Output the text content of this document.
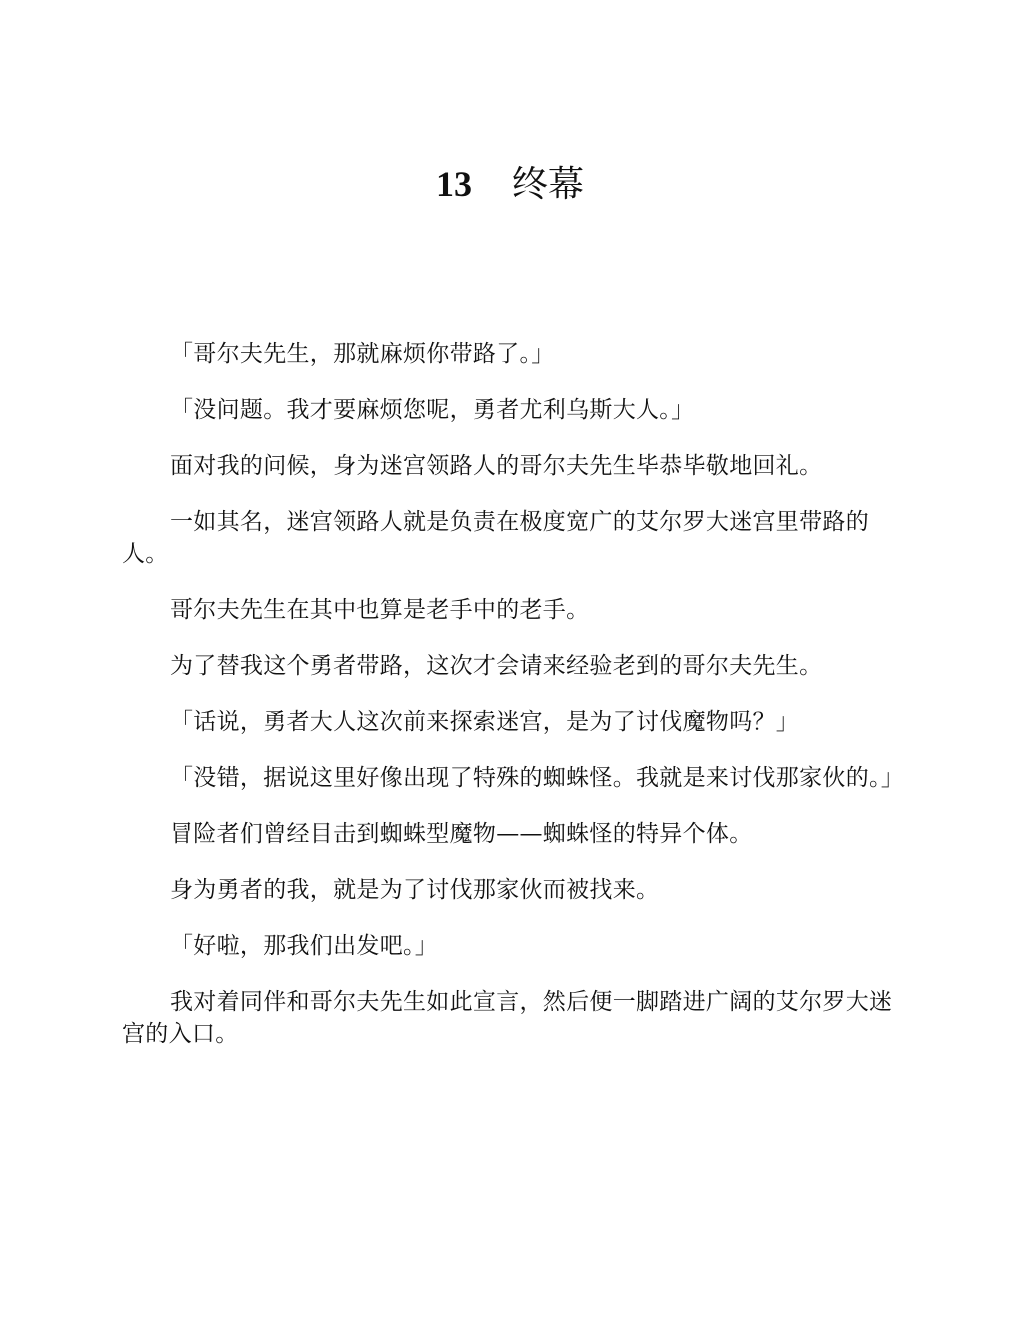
13 终幕

「哥尔夫先生，那就麻烦你带路了。」

「没问题。我才要麻烦您呢，勇者尤利乌斯大人。」

面对我的问候，身为迷宫领路人的哥尔夫先生毕恭毕敬地回礼。

一如其名，迷宫领路人就是负责在极度宽广的艾尔罗大迷宫里带路的人。

哥尔夫先生在其中也算是老手中的老手。

为了替我这个勇者带路，这次才会请来经验老到的哥尔夫先生。

「话说，勇者大人这次前来探索迷宫，是为了讨伐魔物吗？」

「没错，据说这里好像出现了特殊的蜘蛛怪。我就是来讨伐那家伙的。」

冒险者们曾经目击到蜘蛛型魔物——蜘蛛怪的特异个体。

身为勇者的我，就是为了讨伐那家伙而被找来。

「好啦，那我们出发吧。」

我对着同伴和哥尔夫先生如此宣言，然后便一脚踏进广阔的艾尔罗大迷宫的入口。
